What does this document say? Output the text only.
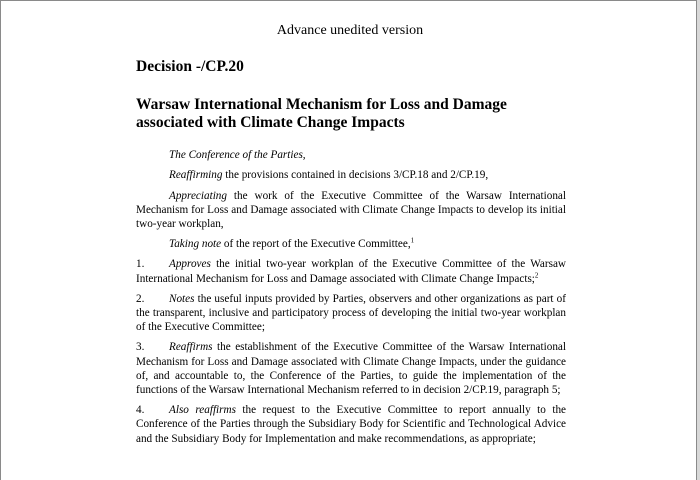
Advance unedited version
Decision -/CP.20
Warsaw International Mechanism for Loss and Damage
associated with Climate Change Impacts

The Conference of the Parties,

Reaffirming the provisions contained in decisions 3/CP.18 and 2/CP.19,

Appreciating the work of the Executive Committee of the Warsaw International Mechanism for Loss and Damage associated with Climate Change Impacts to develop its initial two-year workplan,

Taking note of the report of the Executive Committee,$^1$

1. Approves the initial two-year workplan of the Executive Committee of the Warsaw International Mechanism for Loss and Damage associated with Climate Change Impacts;$^2$

2. Notes the useful inputs provided by Parties, observers and other organizations as part of the transparent, inclusive and participatory process of developing the initial two-year workplan of the Executive Committee;

3. Reaffirms the establishment of the Executive Committee of the Warsaw International Mechanism for Loss and Damage associated with Climate Change Impacts, under the guidance of, and accountable to, the Conference of the Parties, to guide the implementation of the functions of the Warsaw International Mechanism referred to in decision 2/CP.19, paragraph 5;

4. Also reaffirms the request to the Executive Committee to report annually to the Conference of the Parties through the Subsidiary Body for Scientific and Technological Advice and the Subsidiary Body for Implementation and make recommendations, as appropriate;
